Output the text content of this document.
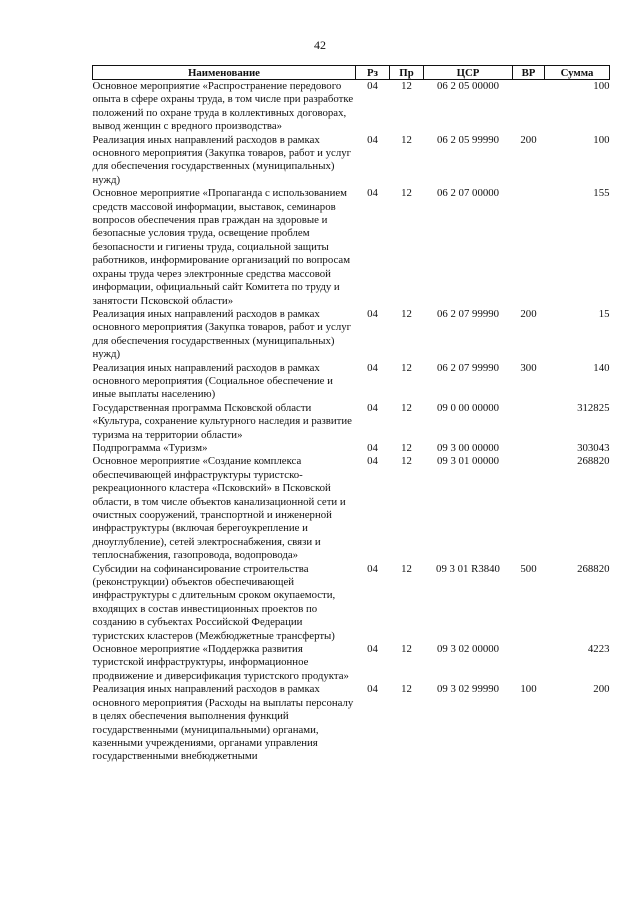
42
Наименование	Рз	Пр	ЦСР	ВР	Сумма
Основное мероприятие «Распространение передового опыта в сфере охраны труда, в том числе при разработке положений по охране труда в коллективных договорах, вывод женщин с вредного производства»	04	12	06 2 05 00000		100
Реализация иных направлений расходов в рамках основного мероприятия (Закупка товаров, работ и услуг для обеспечения государственных (муниципальных) нужд)	04	12	06 2 05 99990	200	100
Основное мероприятие «Пропаганда с использованием средств массовой информации, выставок, семинаров вопросов обеспечения прав граждан на здоровые и безопасные условия труда, освещение проблем безопасности и гигиены труда, социальной защиты работников, информирование организаций по вопросам охраны труда через электронные средства массовой информации, официальный сайт Комитета по труду и занятости Псковской области»	04	12	06 2 07 00000		155
Реализация иных направлений расходов в рамках основного мероприятия (Закупка товаров, работ и услуг для обеспечения государственных (муниципальных) нужд)	04	12	06 2 07 99990	200	15
Реализация иных направлений расходов в рамках основного мероприятия (Социальное обеспечение и иные выплаты населению)	04	12	06 2 07 99990	300	140
Государственная программа Псковской области «Культура, сохранение культурного наследия и развитие туризма на территории области»	04	12	09 0 00 00000		312825
Подпрограмма «Туризм»	04	12	09 3 00 00000		303043
Основное мероприятие «Создание комплекса обеспечивающей инфраструктуры туристско-рекреационного кластера «Псковский» в Псковской области, в том числе объектов канализационной сети и очистных сооружений, транспортной и инженерной инфраструктуры (включая берегоукрепление и дноуглубление), сетей электроснабжения, связи и теплоснабжения, газопровода, водопровода»	04	12	09 3 01 00000		268820
Субсидии на софинансирование строительства (реконструкции) объектов обеспечивающей инфраструктуры с длительным сроком окупаемости, входящих в состав инвестиционных проектов по созданию в субъектах Российской Федерации туристских кластеров (Межбюджетные трансферты)	04	12	09 3 01 R3840	500	268820
Основное мероприятие «Поддержка развития туристской инфраструктуры, информационное продвижение и диверсификация туристского продукта»	04	12	09 3 02 00000		4223
Реализация иных направлений расходов в рамках основного мероприятия (Расходы на выплаты персоналу в целях обеспечения выполнения функций государственными (муниципальными) органами, казенными учреждениями, органами управления государственными внебюджетными	04	12	09 3 02 99990	100	200
